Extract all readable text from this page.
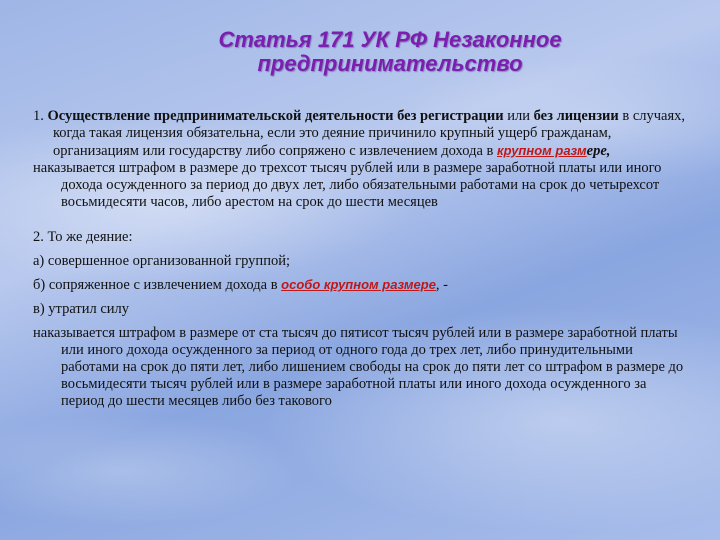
Статья 171 УК РФ Незаконное
предпринимательство

1. Осуществление предпринимательской деятельности без регистрации или без лицензии в случаях, когда такая лицензия обязательна, если это деяние причинило крупный ущерб гражданам, организациям или государству либо сопряжено с извлечением дохода в крупном размере,

наказывается штрафом в размере до трехсот тысяч рублей или в размере заработной платы или иного дохода осужденного за период до двух лет, либо обязательными работами на срок до четырехсот восьмидесяти часов, либо арестом на срок до шести месяцев

2. То же деяние:

а) совершенное организованной группой;

б) сопряженное с извлечением дохода в особо крупном размере, -

в) утратил силу

наказывается штрафом в размере от ста тысяч до пятисот тысяч рублей или в размере заработной платы или иного дохода осужденного за период от одного года до трех лет, либо принудительными работами на срок до пяти лет, либо лишением свободы на срок до пяти лет со штрафом в размере до восьмидесяти тысяч рублей или в размере заработной платы или иного дохода осужденного за период до шести месяцев либо без такового
